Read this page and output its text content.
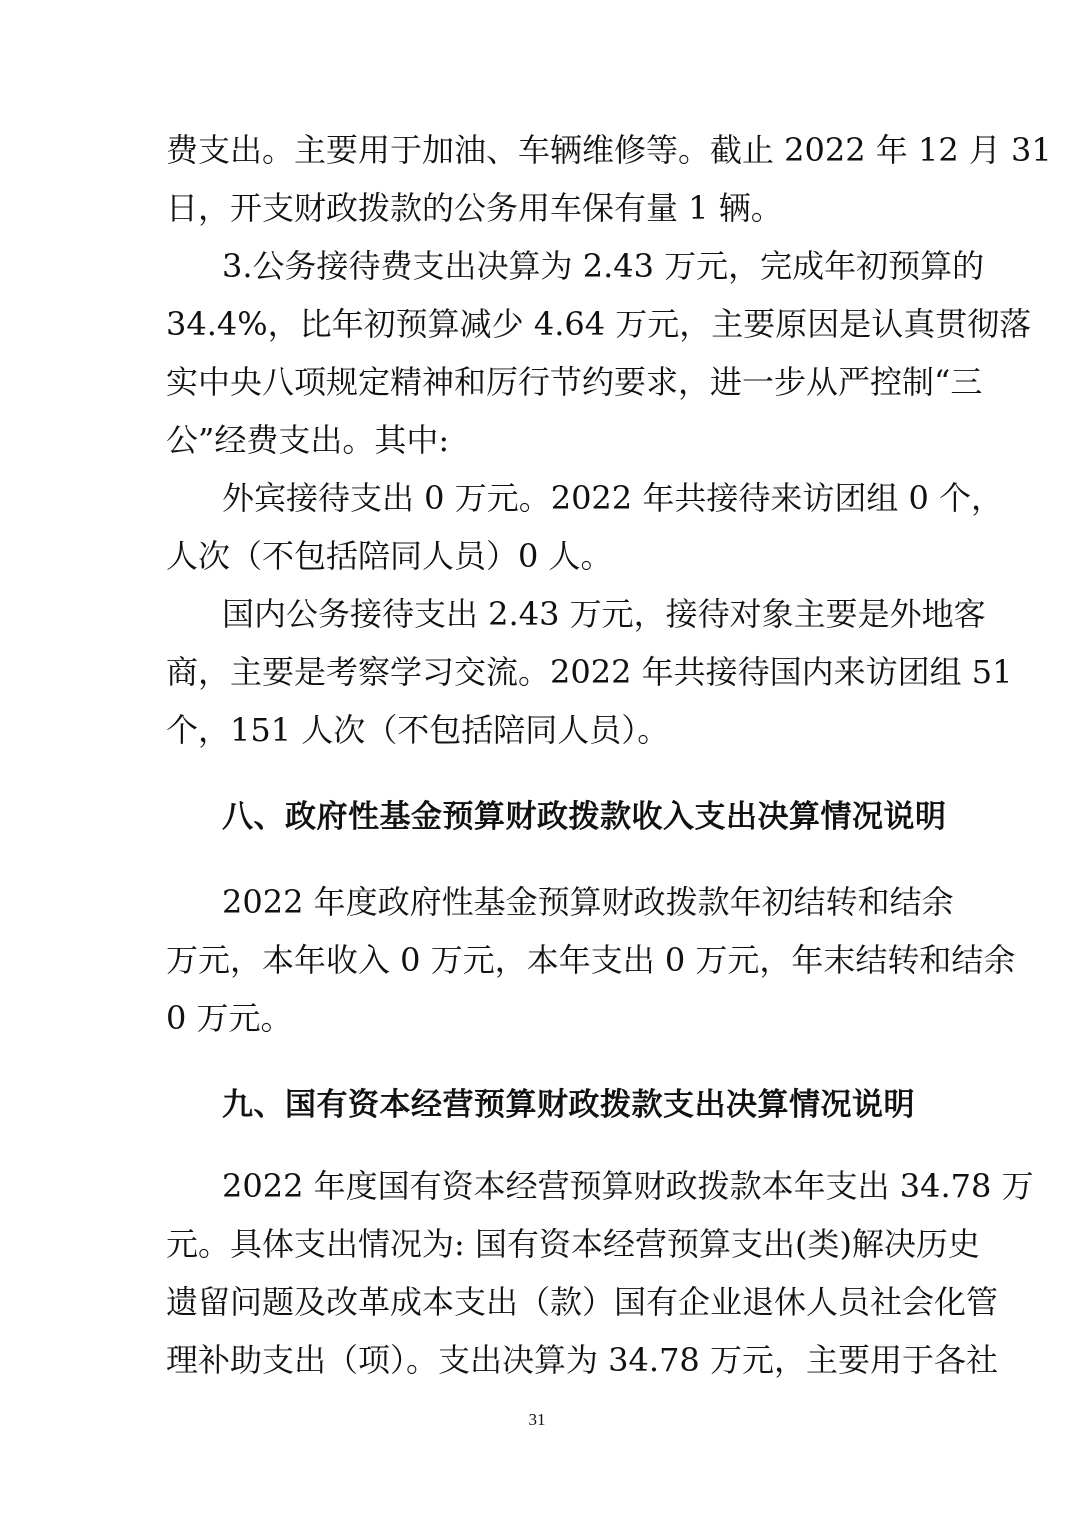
费支出。主要用于加油、车辆维修等。截止 2022 年 12 月 31
日，开支财政拨款的公务用车保有量 1 辆。
3.公务接待费支出决算为 2.43 万元，完成年初预算的
34.4%，比年初预算减少 4.64 万元，主要原因是认真贯彻落
实中央八项规定精神和厉行节约要求，进一步从严控制“三
公”经费支出。其中:
外宾接待支出 0 万元。2022 年共接待来访团组 0 个，
人次（不包括陪同人员）0 人。
国内公务接待支出 2.43 万元，接待对象主要是外地客
商，主要是考察学习交流。2022 年共接待国内来访团组 51
个，151 人次（不包括陪同人员）。
八、政府性基金预算财政拨款收入支出决算情况说明
2022 年度政府性基金预算财政拨款年初结转和结余
万元，本年收入 0 万元，本年支出 0 万元，年末结转和结余
0 万元。
九、国有资本经营预算财政拨款支出决算情况说明
2022 年度国有资本经营预算财政拨款本年支出 34.78 万
元。具体支出情况为: 国有资本经营预算支出(类)解决历史
遗留问题及改革成本支出（款）国有企业退休人员社会化管
理补助支出（项）。支出决算为 34.78 万元，主要用于各社
31
